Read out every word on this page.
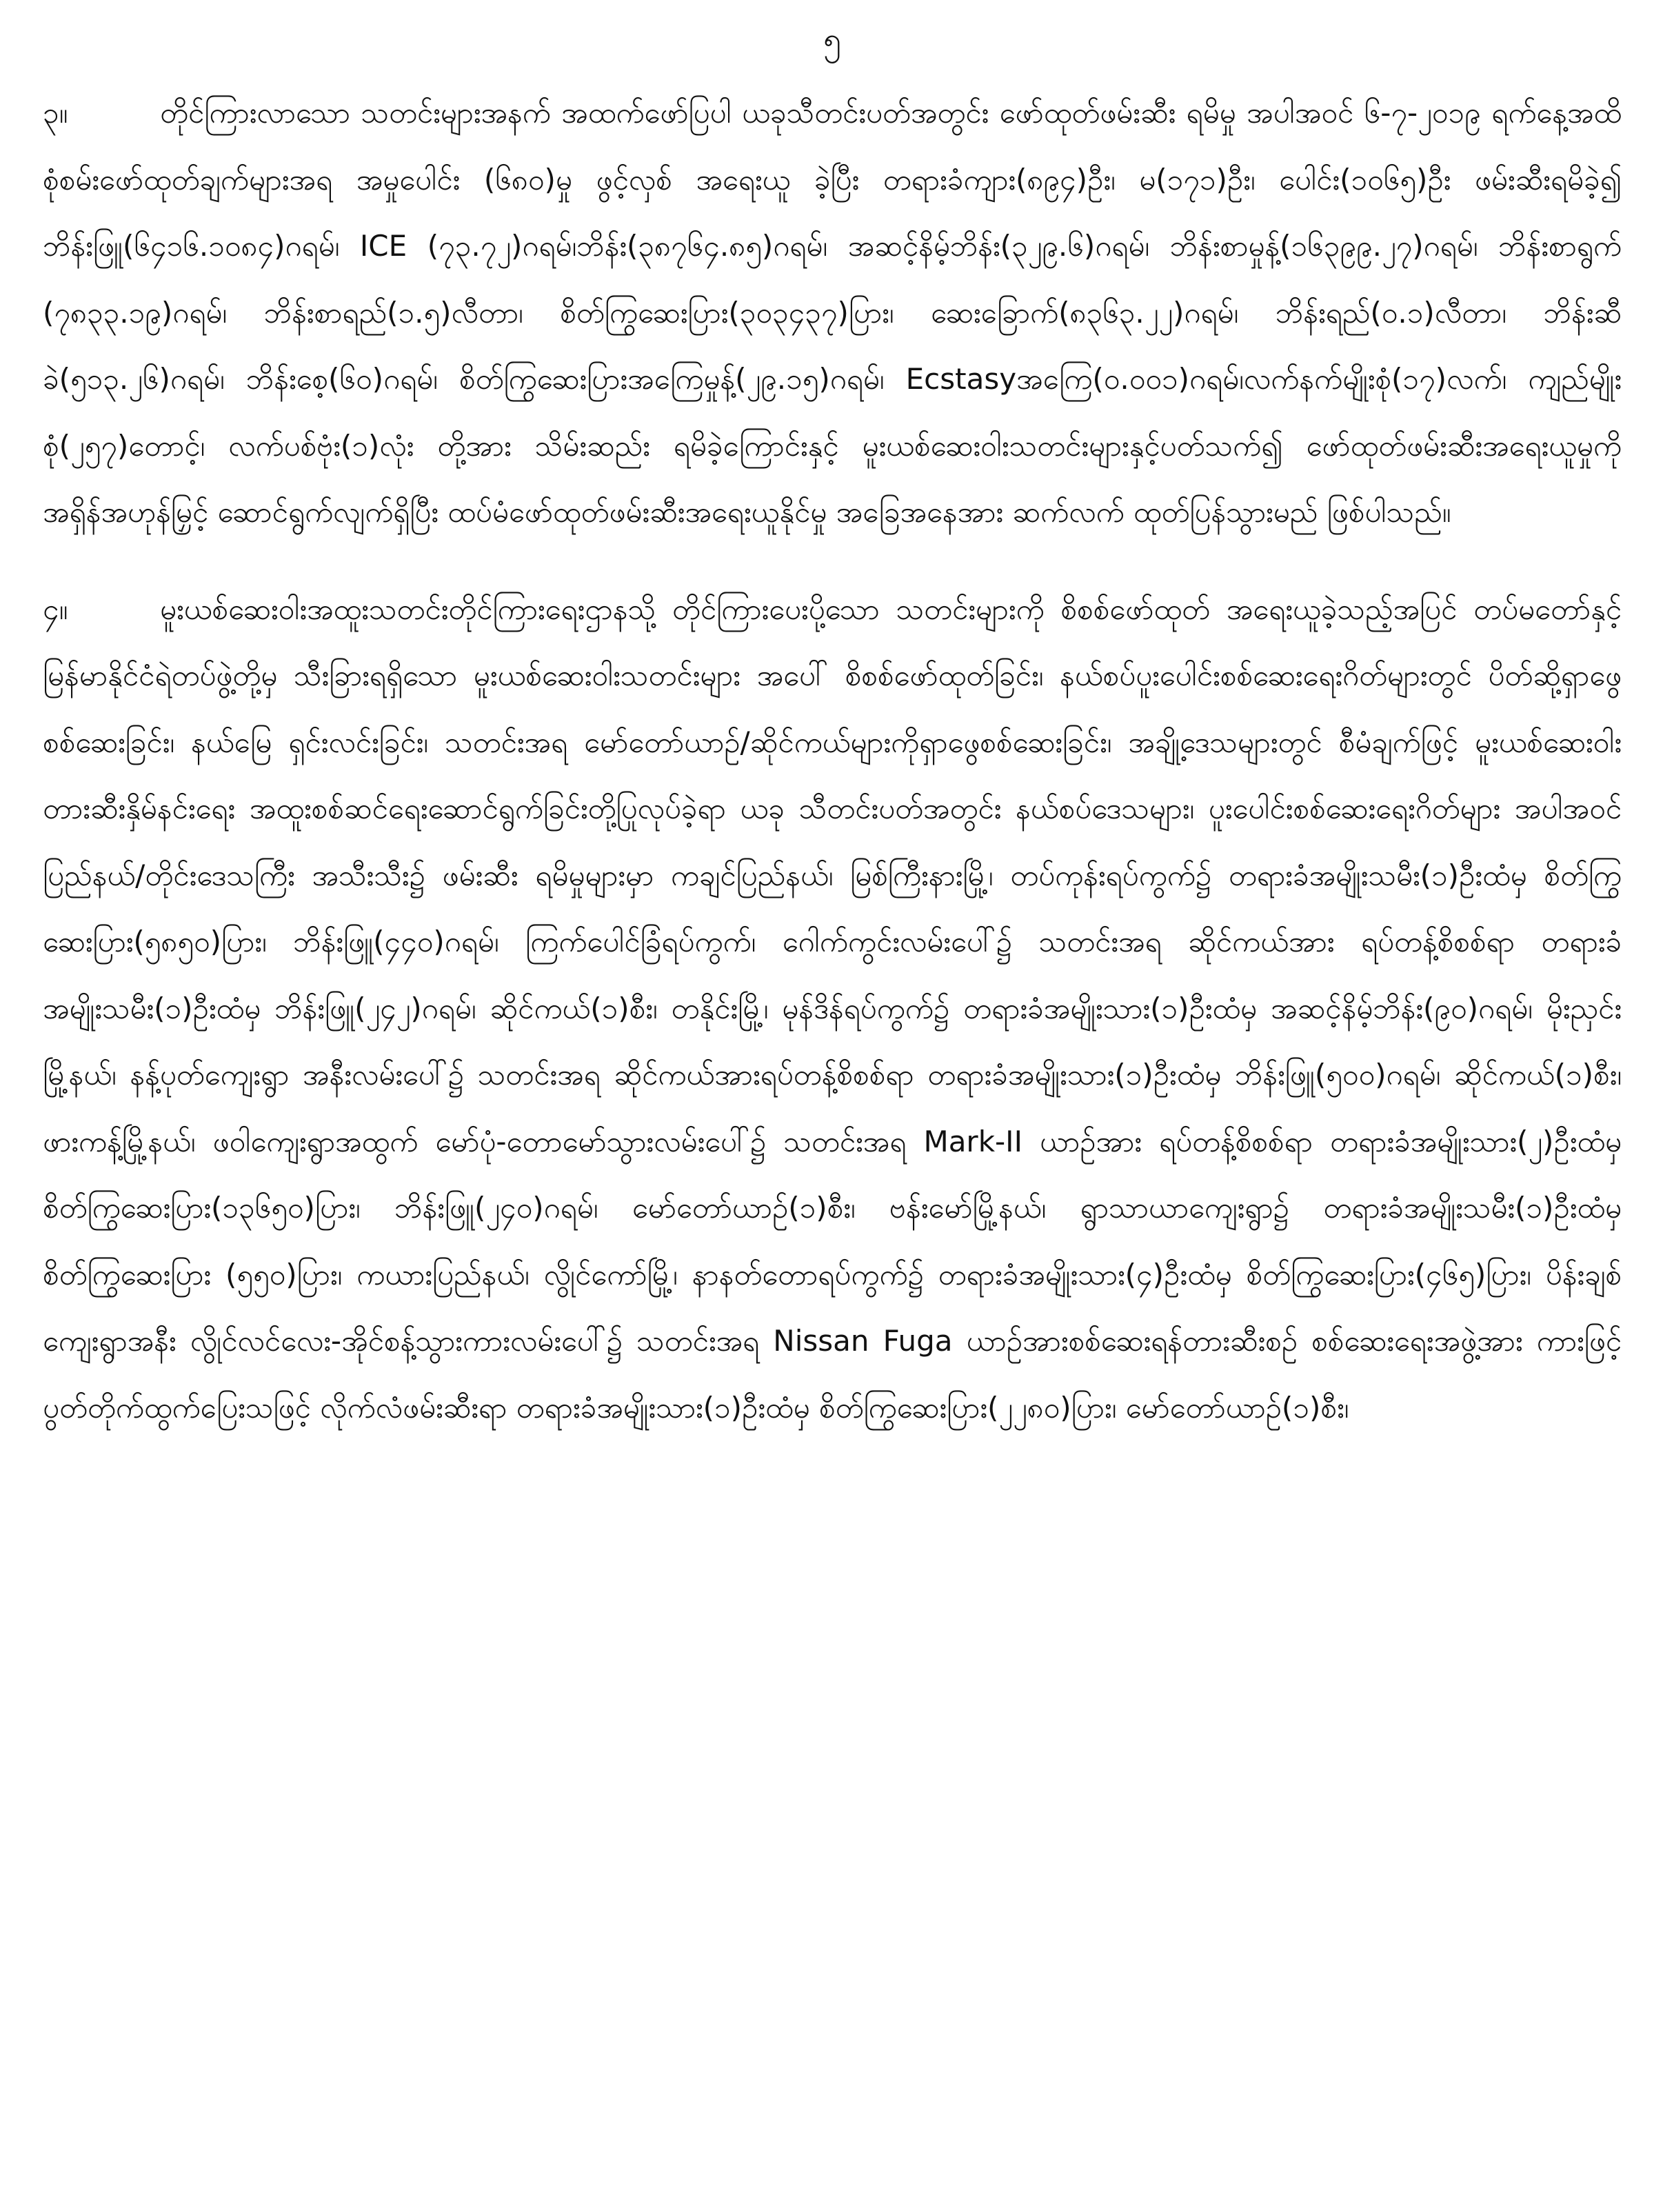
၅

၃။	တိုင်ကြားလာသော သတင်းများအနက် အထက်ဖော်ပြပါ ယခုသီတင်းပတ်အတွင်း ဖော်ထုတ်ဖမ်းဆီး ရမိမှု အပါအဝင် ၆-၇-၂၀၁၉ ရက်နေ့အထိ စုံစမ်းဖော်ထုတ်ချက်များအရ အမှုပေါင်း (၆၈၀)မှု ဖွင့်လှစ် အရေးယူ ခဲ့ပြီး တရားခံကျား(၈၉၄)ဦး၊ မ(၁၇၁)ဦး၊ ပေါင်း(၁၀၆၅)ဦး ဖမ်းဆီးရမိခဲ့၍ ဘိန်းဖြူ(၆၄၁၆.၁၀၈၄)ဂရမ်၊ ICE (၇၃.၇၂)ဂရမ်၊ဘိန်း(၃၈၇၆၄.၈၅)ဂရမ်၊ အဆင့်နိမ့်ဘိန်း(၃၂၉.၆)ဂရမ်၊ ဘိန်းစာမှုန့်(၁၆၃၉၉.၂၇)ဂရမ်၊ ဘိန်းစာရွက် (၇၈၃၃.၁၉)ဂရမ်၊ ဘိန်းစာရည်(၁.၅)လီတာ၊ စိတ်ကြွဆေးပြား(၃၀၃၄၃၇)ပြား၊ ဆေးခြောက်(၈၃၆၃.၂၂)ဂရမ်၊ ဘိန်းရည်(၀.၁)လီတာ၊ ဘိန်းဆီခဲ(၅၁၃.၂၆)ဂရမ်၊ ဘိန်းစေ့(၆၀)ဂရမ်၊ စိတ်ကြွဆေးပြားအကြေမှုန့်(၂၉.၁၅)ဂရမ်၊ Ecstasyအကြေ(၀.၀၀၁)ဂရမ်၊လက်နက်မျိုးစုံ(၁၇)လက်၊ ကျည်မျိုးစုံ(၂၅၇)တောင့်၊ လက်ပစ်ဗုံး(၁)လုံး တို့အား သိမ်းဆည်း ရမိခဲ့ကြောင်းနှင့် မူးယစ်ဆေးဝါးသတင်းများနှင့်ပတ်သက်၍ ဖော်ထုတ်ဖမ်းဆီးအရေးယူမှုကို အရှိန်အဟုန်မြှင့် ဆောင်ရွက်လျက်ရှိပြီး ထပ်မံဖော်ထုတ်ဖမ်းဆီးအရေးယူနိုင်မှု အခြေအနေအား ဆက်လက် ထုတ်ပြန်သွားမည် ဖြစ်ပါသည်။

၄။	မူးယစ်ဆေးဝါးအထူးသတင်းတိုင်ကြားရေးဌာနသို့ တိုင်ကြားပေးပို့သော သတင်းများကို စိစစ်ဖော်ထုတ် အရေးယူခဲ့သည့်အပြင် တပ်မတော်နှင့် မြန်မာနိုင်ငံရဲတပ်ဖွဲ့တို့မှ သီးခြားရရှိသော မူးယစ်ဆေးဝါးသတင်းများ အပေါ် စိစစ်ဖော်ထုတ်ခြင်း၊ နယ်စပ်ပူးပေါင်းစစ်ဆေးရေးဂိတ်များတွင် ပိတ်ဆို့ရှာဖွေစစ်ဆေးခြင်း၊ နယ်မြေ ရှင်းလင်းခြင်း၊ သတင်းအရ မော်တော်ယာဉ်/ဆိုင်ကယ်များကိုရှာဖွေစစ်ဆေးခြင်း၊ အချို့ဒေသများတွင် စီမံချက်ဖြင့် မူးယစ်ဆေးဝါးတားဆီးနှိမ်နင်းရေး အထူးစစ်ဆင်ရေးဆောင်ရွက်ခြင်းတို့ပြုလုပ်ခဲ့ရာ ယခု သီတင်းပတ်အတွင်း နယ်စပ်ဒေသများ၊ ပူးပေါင်းစစ်ဆေးရေးဂိတ်များ အပါအဝင် ပြည်နယ်/တိုင်းဒေသကြီး အသီးသီး၌ ဖမ်းဆီး ရမိမှုများမှာ ကချင်ပြည်နယ်၊ မြစ်ကြီးနားမြို့၊ တပ်ကုန်းရပ်ကွက်၌ တရားခံအမျိုးသမီး(၁)ဦးထံမှ စိတ်ကြွ ဆေးပြား(၅၈၅၀)ပြား၊ ဘိန်းဖြူ(၄၄၀)ဂရမ်၊ ကြက်ပေါင်ခြံရပ်ကွက်၊ ဂေါက်ကွင်းလမ်းပေါ်၌ သတင်းအရ ဆိုင်ကယ်အား ရပ်တန့်စိစစ်ရာ တရားခံအမျိုးသမီး(၁)ဦးထံမှ ဘိန်းဖြူ(၂၄၂)ဂရမ်၊ ဆိုင်ကယ်(၁)စီး၊ တနိုင်းမြို့၊ မုန်ဒိန်ရပ်ကွက်၌ တရားခံအမျိုးသား(၁)ဦးထံမှ အဆင့်နိမ့်ဘိန်း(၉၀)ဂရမ်၊ မိုးညှင်းမြို့နယ်၊ နန့်ပုတ်ကျေးရွာ အနီးလမ်းပေါ်၌ သတင်းအရ ဆိုင်ကယ်အားရပ်တန့်စိစစ်ရာ တရားခံအမျိုးသား(၁)ဦးထံမှ ဘိန်းဖြူ(၅၀၀)ဂရမ်၊ ဆိုင်ကယ်(၁)စီး၊ ဖားကန့်မြို့နယ်၊ ဖဝါကျေးရွာအထွက် မော်ပုံ-တောမော်သွားလမ်းပေါ်၌ သတင်းအရ Mark-II ယာဉ်အား ရပ်တန့်စိစစ်ရာ တရားခံအမျိုးသား(၂)ဦးထံမှ စိတ်ကြွဆေးပြား(၁၃၆၅၀)ပြား၊ ဘိန်းဖြူ(၂၄၀)ဂရမ်၊ မော်တော်ယာဉ်(၁)စီး၊ ဗန်းမော်မြို့နယ်၊ ရွာသာယာကျေးရွာ၌ တရားခံအမျိုးသမီး(၁)ဦးထံမှ စိတ်ကြွဆေးပြား (၅၅၀)ပြား၊ ကယားပြည်နယ်၊ လွိုင်ကော်မြို့၊ နာနတ်တောရပ်ကွက်၌ တရားခံအမျိုးသား(၄)ဦးထံမှ စိတ်ကြွဆေးပြား(၄၆၅)ပြား၊ ပိန်းချစ်ကျေးရွာအနီး လွိုင်လင်လေး-အိုင်စန့်သွားကားလမ်းပေါ်၌ သတင်းအရ Nissan Fuga ယာဉ်အားစစ်ဆေးရန်တားဆီးစဉ် စစ်ဆေးရေးအဖွဲ့အား ကားဖြင့်ပွတ်တိုက်ထွက်ပြေးသဖြင့် လိုက်လံဖမ်းဆီးရာ တရားခံအမျိုးသား(၁)ဦးထံမှ စိတ်ကြွဆေးပြား(၂၂၈၀)ပြား၊ မော်တော်ယာဉ်(၁)စီး၊
